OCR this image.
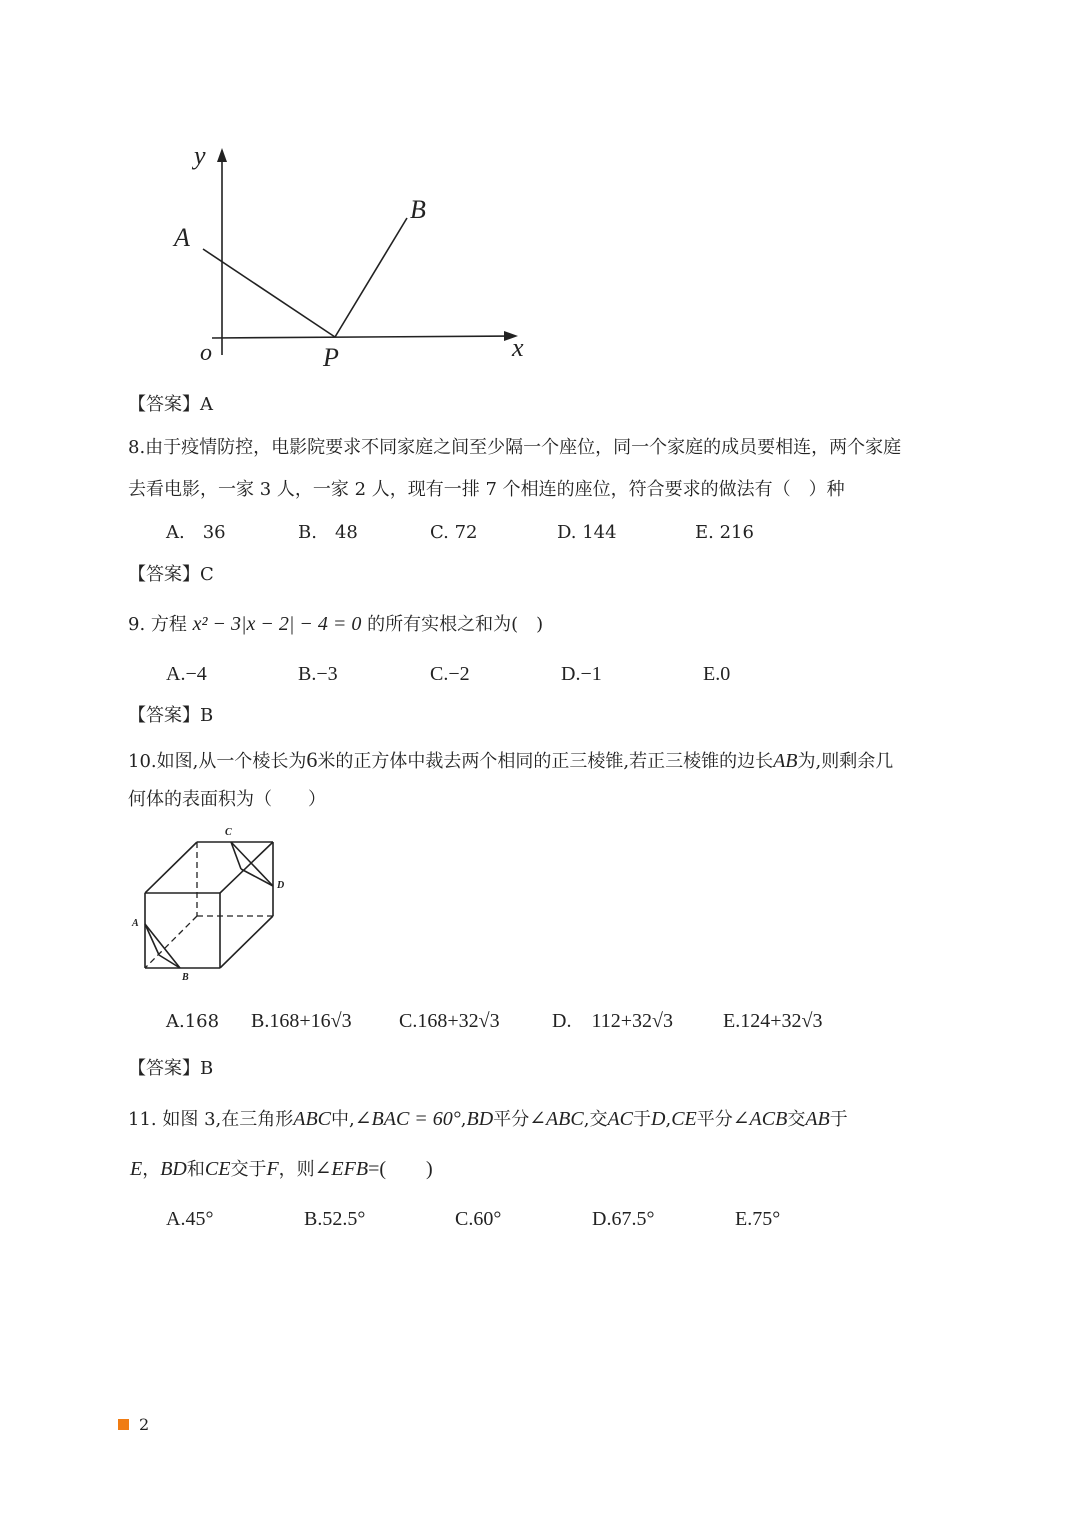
y
x
o
A
B
P
【答案】A
8.由于疫情防控，电影院要求不同家庭之间至少隔一个座位，同一个家庭的成员要相连，两个家庭
去看电影，一家 3 人，一家 2 人，现有一排 7 个相连的座位，符合要求的做法有（　）种
A.　36	B.　48	C. 72	D. 144	E. 216
【答案】C
9. 方程 x² − 3|x − 2| − 4 = 0 的所有实根之和为(　)
A.−4	B.−3	C.−2	D.−1	E.0
【答案】B
10.如图,从一个棱长为6米的正方体中裁去两个相同的正三棱锥,若正三棱锥的边长AB为,则剩余几
何体的表面积为（　　）
C
D
A
B
A.168 B.168+16√3 C.168+32√3	D.　112+32√3	E.124+32√3
【答案】B
11. 如图 3,在三角形ABC中,∠BAC = 60°,BD平分∠ABC,交AC于D,CE平分∠ACB交AB于
E，BD和CE交于F，则∠EFB=(　　)
A.45°	B.52.5°	C.60°	D.67.5°	E.75°
2
